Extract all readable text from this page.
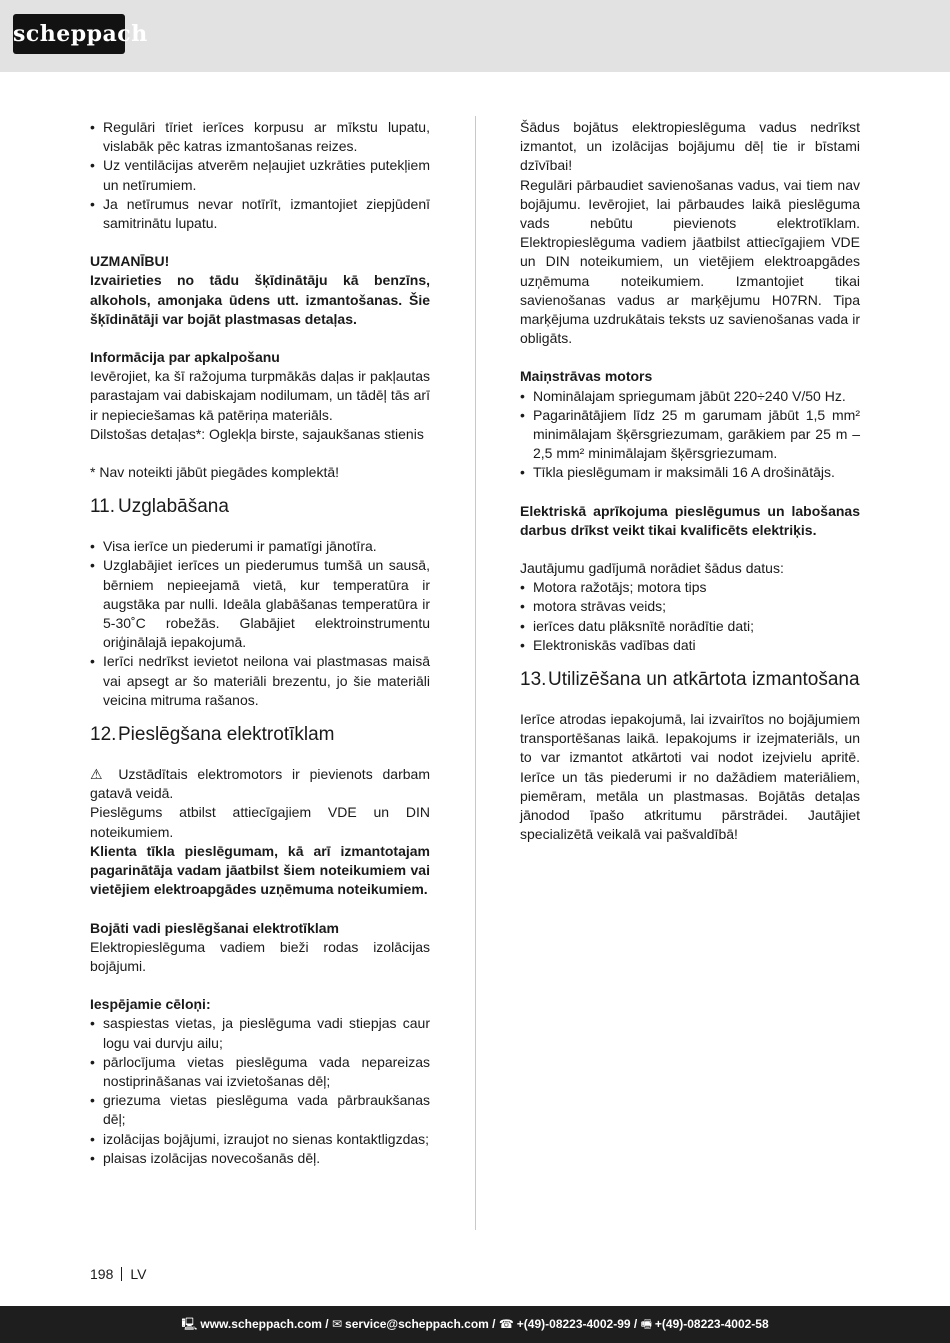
scheppach
• Regulāri tīriet ierīces korpusu ar mīkstu lupatu, vislabāk pēc katras izmantošanas reizes.
• Uz ventilācijas atverēm neļaujiet uzkrāties putekļiem un netīrumiem.
• Ja netīrumus nevar notīrīt, izmantojiet ziepjūdenī samitrinātu lupatu.

UZMANĪBU!

Izvairieties no tādu šķīdinātāju kā benzīns, alkohols, amonjaka ūdens utt. izmantošanas. Šie šķīdinātāji var bojāt plastmasas detaļas.

Informācija par apkalpošanu

Ievērojiet, ka šī ražojuma turpmākās daļas ir pakļautas parastajam vai dabiskajam nodilumam, un tādēļ tās arī ir nepieciešamas kā patēriņa materiāls.

Dilstošas detaļas*: Oglekļa birste, sajaukšanas stienis

* Nav noteikti jābūt piegādes komplektā!

11. Uzglabāšana
• Visa ierīce un piederumi ir pamatīgi jānotīra.
• Uzglabājiet ierīces un piederumus tumšā un sausā, bērniem nepieejamā vietā, kur temperatūra ir augstāka par nulli. Ideāla glabāšanas temperatūra ir 5-30˚C robežās. Glabājiet elektroinstrumentu oriģinālajā iepakojumā.
• Ierīci nedrīkst ievietot neilona vai plastmasas maisā vai apsegt ar šo materiāli brezentu, jo šie materiāli veicina mitruma rašanos.
12. Pieslēgšana elektrotīklam

⚠ Uzstādītais elektromotors ir pievienots darbam gatavā veidā.

Pieslēgums atbilst attiecīgajiem VDE un DIN noteikumiem.

Klienta tīkla pieslēgumam, kā arī izmantotajam pagarinātāja vadam jāatbilst šiem noteikumiem vai vietējiem elektroapgādes uzņēmuma noteikumiem.

Bojāti vadi pieslēgšanai elektrotīklam

Elektropieslēguma vadiem bieži rodas izolācijas bojājumi.

Iespējamie cēloņi:

• saspiestas vietas, ja pieslēguma vadi stiepjas caur logu vai durvju ailu;
• pārlocījuma vietas pieslēguma vada nepareizas nostiprināšanas vai izvietošanas dēļ;
• griezuma vietas pieslēguma vada pārbraukšanas dēļ;
• izolācijas bojājumi, izraujot no sienas kontaktligzdas;
• plaisas izolācijas novecošanās dēļ.

Šādus bojātus elektropieslēguma vadus nedrīkst izmantot, un izolācijas bojājumu dēļ tie ir bīstami dzīvībai!

Regulāri pārbaudiet savienošanas vadus, vai tiem nav bojājumu. Ievērojiet, lai pārbaudes laikā pieslēguma vads nebūtu pievienots elektrotīklam. Elektropieslēguma vadiem jāatbilst attiecīgajiem VDE un DIN noteikumiem, un vietējiem elektroapgādes uzņēmuma noteikumiem. Izmantojiet tikai savienošanas vadus ar marķējumu H07RN. Tipa marķējuma uzdrukātais teksts uz savienošanas vada ir obligāts.

Maiņstrāvas motors

• Nominālajam spriegumam jābūt 220÷240 V/50 Hz.
• Pagarinātājiem līdz 25 m garumam jābūt 1,5 mm² minimālajam šķērsgriezumam, garākiem par 25 m – 2,5 mm² minimālajam šķērsgriezumam.
• Tīkla pieslēgumam ir maksimāli 16 A drošinātājs.

Elektriskā aprīkojuma pieslēgumus un labošanas darbus drīkst veikt tikai kvalificēts elektriķis.

Jautājumu gadījumā norādiet šādus datus:

• Motora ražotājs; motora tips
• motora strāvas veids;
• ierīces datu plāksnītē norādītie dati;
• Elektroniskās vadības dati
13. Utilizēšana un atkārtota izmantošana

Ierīce atrodas iepakojumā, lai izvairītos no bojājumiem transportēšanas laikā. Iepakojums ir izejmateriāls, un to var izmantot atkārtoti vai nodot izejvielu apritē. Ierīce un tās piederumi ir no dažādiem materiāliem, piemēram, metāla un plastmasas. Bojātās detaļas jānodod īpašo atkritumu pārstrādei. Jautājiet specializētā veikalā vai pašvaldībā!

198 LV
🖳 www.scheppach.com / ✉ service@scheppach.com / ☎ +(49)-08223-4002-99 / 🖷 +(49)-08223-4002-58
